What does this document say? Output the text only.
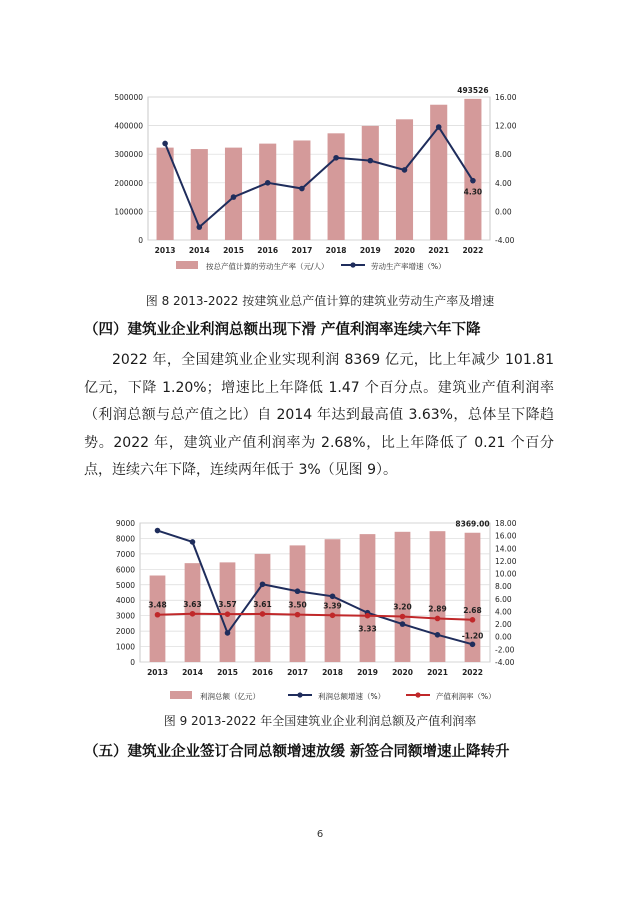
0
100000
200000
300000
400000
500000
-4.00
0.00
4.00
8.00
12.00
16.00
2013 2014 2015 2016 2017 2018 2019 2020 2021 2022
493526
4.30
按总产值计算的劳动生产率（元/人）	劳动生产率增速（%）
图 8 2013-2022 按建筑业总产值计算的建筑业劳动生产率及增速
（四）建筑业企业利润总额出现下滑 产值利润率连续六年下降
2022 年，全国建筑业企业实现利润 8369 亿元，比上年减少 101.81 亿元，下降 1.20%；增速比上年降低 1.47 个百分点。建筑业产值利润率（利润总额与总产值之比）自 2014 年达到最高值 3.63%，总体呈下降趋势。2022 年，建筑业产值利润率为 2.68%，比上年降低了 0.21 个百分点，连续六年下降，连续两年低于 3%（见图 9）。
0
1000
2000
3000
4000
5000
6000
7000
8000
9000
-4.00
-2.00
0.00
2.00
4.00
6.00
8.00
10.00
12.00
14.00
16.00
18.00
2013 2014 2015 2016 2017 2018 2019 2020 2021 2022
8369.00
-1.20
3.48 3.63 3.57 3.61 3.50 3.39
3.33
3.20 2.89 2.68
利润总额（亿元）	利润总额增速（%）	产值利润率（%）
图 9 2013-2022 年全国建筑业企业利润总额及产值利润率
（五）建筑业企业签订合同总额增速放缓 新签合同额增速止降转升
6
